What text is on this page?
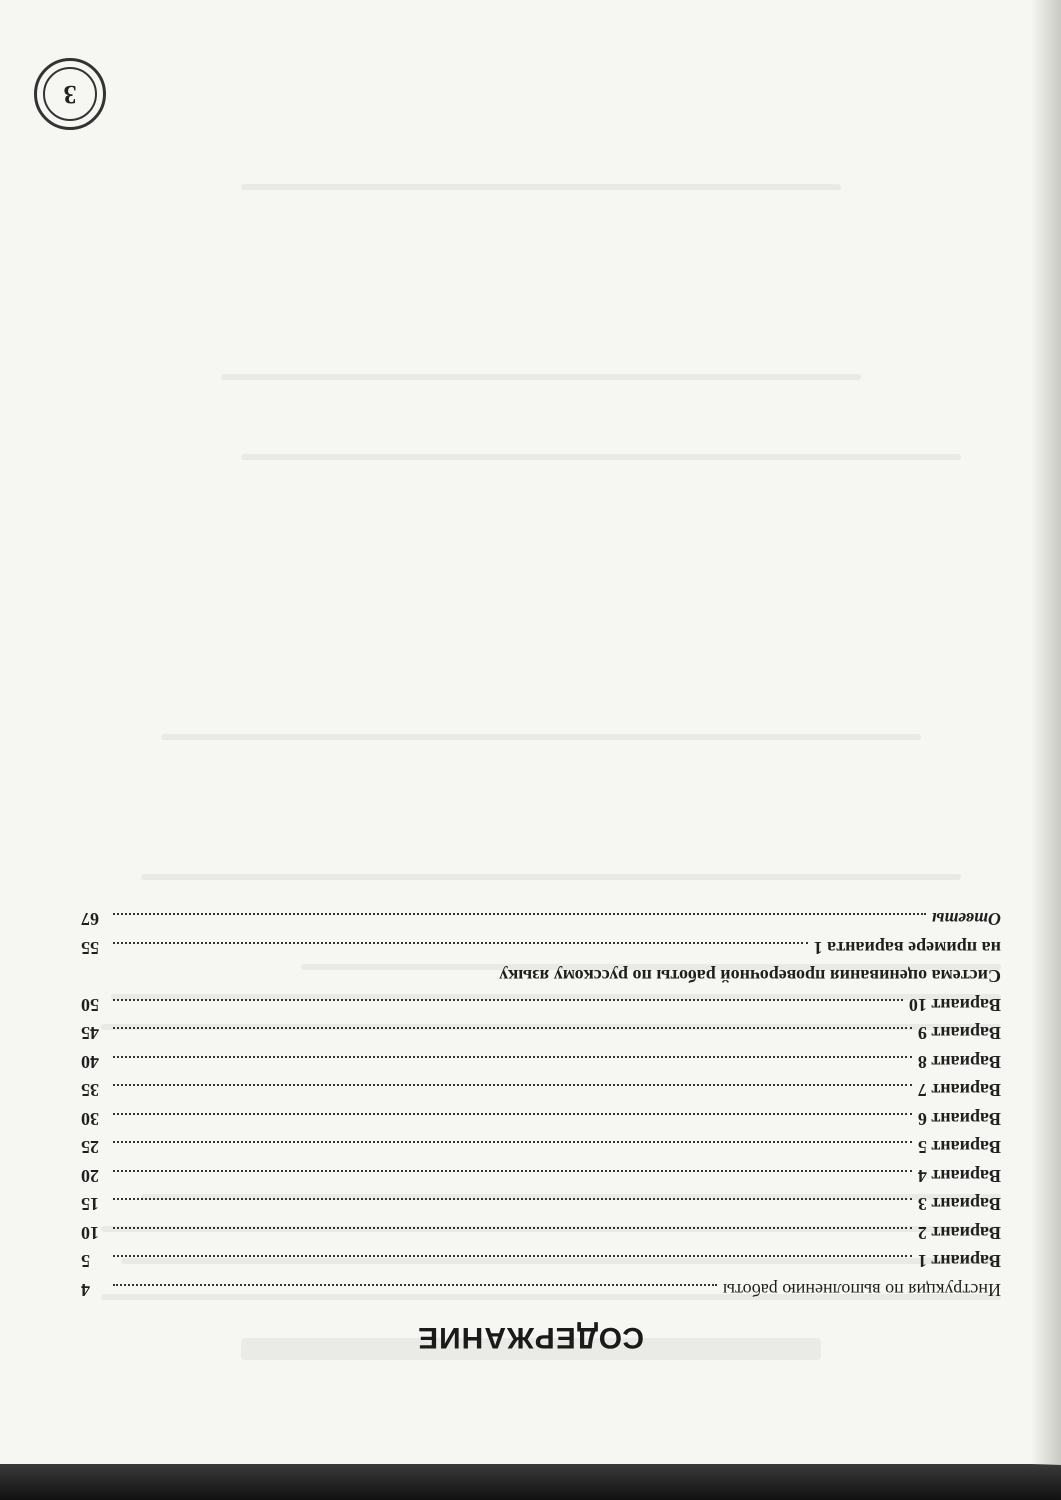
СОДЕРЖАНИЕ
Инструкция по выполнению работы
4
Вариант 1
5
Вариант 2
10
Вариант 3
15
Вариант 4
20
Вариант 5
25
Вариант 6
30
Вариант 7
35
Вариант 8
40
Вариант 9
45
Вариант 10
50
Система оценивания проверочной работы по русскому языку
на примере варианта 1
55
Ответы
67
3
